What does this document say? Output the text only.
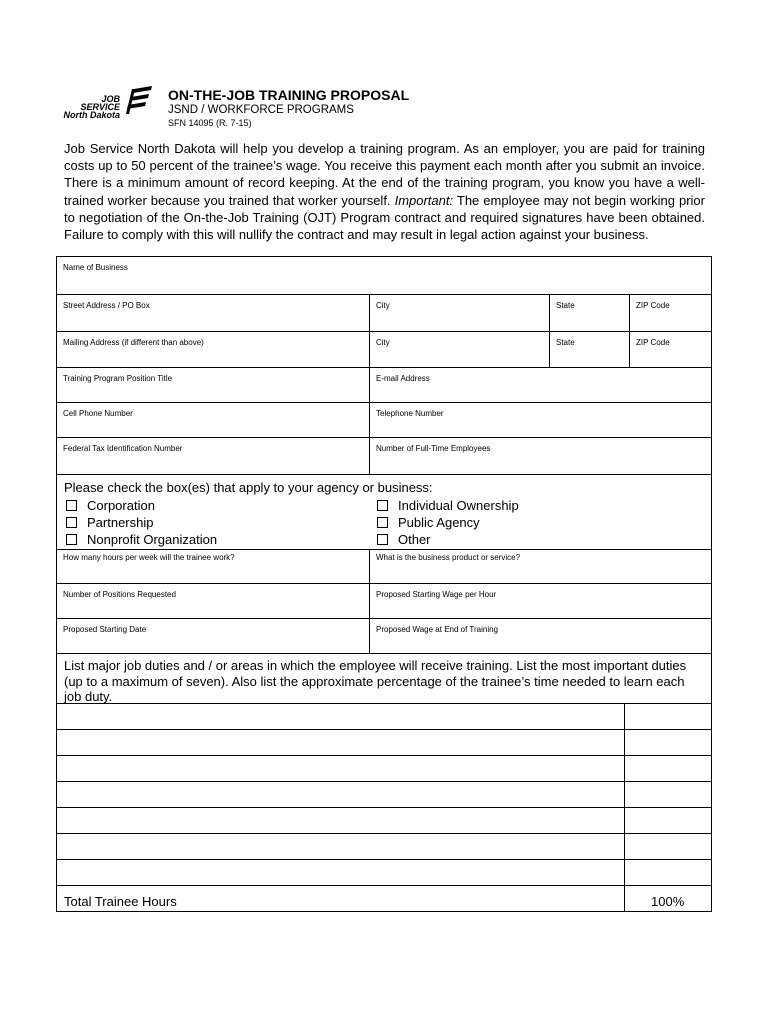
JOB
SERVICE
North Dakota
ON-THE-JOB TRAINING PROPOSAL
JSND / WORKFORCE PROGRAMS
SFN 14095 (R. 7-15)
Job Service North Dakota will help you develop a training program. As an employer, you are paid for training costs up to 50 percent of the trainee’s wage. You receive this payment each month after you submit an invoice. There is a minimum amount of record keeping. At the end of the training program, you know you have a well-trained worker because you trained that worker yourself. Important: The employee may not begin working prior to negotiation of the On-the-Job Training (OJT) Program contract and required signatures have been obtained. Failure to comply with this will nullify the contract and may result in legal action against your business.
Name of Business
Street Address / PO Box	City	State	ZIP Code
Mailing Address (if different than above)	City	State	ZIP Code
Training Program Position Title	E-mail Address
Cell Phone Number	Telephone Number
Federal Tax Identification Number	Number of Full-Time Employees
Please check the box(es) that apply to your agency or business:
Corporation
Partnership
Nonprofit Organization
Individual Ownership
Public Agency
Other
How many hours per week will the trainee work?	What is the business product or service?
Number of Positions Requested	Proposed Starting Wage per Hour
Proposed Starting Date	Proposed Wage at End of Training
List major job duties and / or areas in which the employee will receive training. List the most important duties (up to a maximum of seven). Also list the approximate percentage of the trainee’s time needed to learn each job duty.
Total Trainee Hours	100%
